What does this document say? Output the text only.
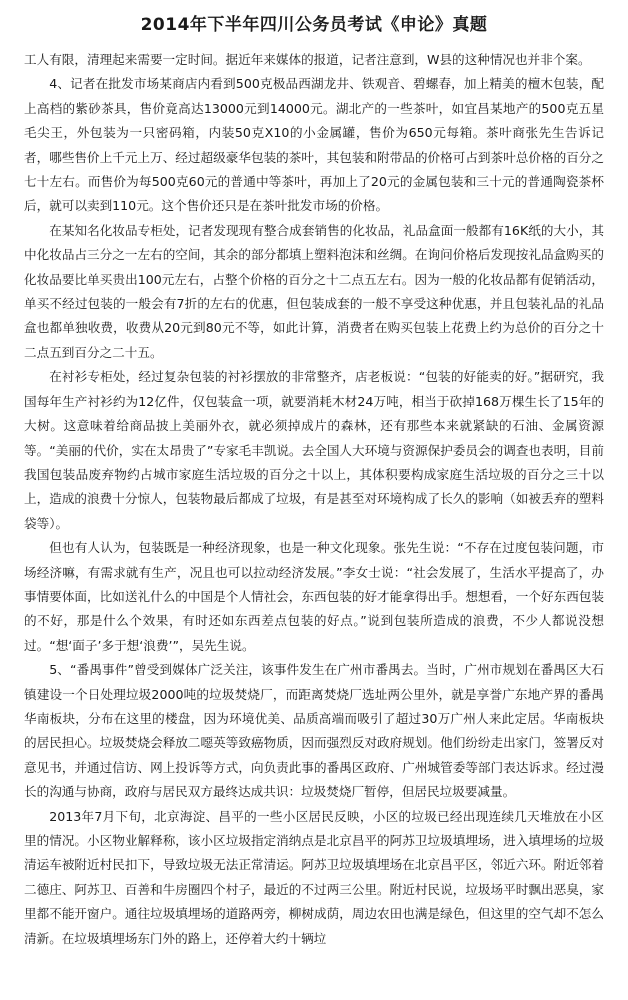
2014年下半年四川公务员考试《申论》真题

工人有限，清理起来需要一定时间。据近年来媒体的报道，记者注意到，W县的这种情况也并非个案。

4、记者在批发市场某商店内看到500克极品西湖龙井、铁观音、碧螺春，加上精美的檀木包装，配上高档的紫砂茶具，售价竟高达13000元到14000元。湖北产的一些茶叶，如宜昌某地产的500克五星毛尖王，外包装为一只密码箱，内装50克X10的小金属罐，售价为650元每箱。茶叶商张先生告诉记者，哪些售价上千元上万、经过超级豪华包装的茶叶，其包装和附带品的价格可占到茶叶总价格的百分之七十左右。而售价为每500克60元的普通中等茶叶，再加上了20元的金属包装和三十元的普通陶瓷茶杯后，就可以卖到110元。这个售价还只是在茶叶批发市场的价格。

在某知名化妆品专柜处，记者发现现有整合成套销售的化妆品，礼品盒面一般都有16K纸的大小，其中化妆品占三分之一左右的空间，其余的部分都填上塑料泡沫和丝绸。在询问价格后发现按礼品盒购买的化妆品要比单买贵出100元左右，占整个价格的百分之十二点五左右。因为一般的化妆品都有促销活动，单买不经过包装的一般会有7折的左右的优惠，但包装成套的一般不享受这种优惠，并且包装礼品的礼品盒也都单独收费，收费从20元到80元不等，如此计算，消费者在购买包装上花费上约为总价的百分之十二点五到百分之二十五。

在衬衫专柜处，经过复杂包装的衬衫摆放的非常整齐，店老板说：“包装的好能卖的好。”据研究，我国每年生产衬衫约为12亿件，仅包装盒一项，就要消耗木材24万吨，相当于砍掉168万棵生长了15年的大树。这意味着给商品披上美丽外衣，就必须掉成片的森林，还有那些本来就紧缺的石油、金属资源等。“美丽的代价，实在太昂贵了”专家毛丰凯说。去全国人大环境与资源保护委员会的调查也表明，目前我国包装品废弃物约占城市家庭生活垃圾的百分之十以上，其体积要构成家庭生活垃圾的百分之三十以上，造成的浪费十分惊人，包装物最后都成了垃圾，有是甚至对环境构成了长久的影响（如被丢弃的塑料袋等）。

但也有人认为，包装既是一种经济现象，也是一种文化现象。张先生说：“不存在过度包装问题，市场经济嘛，有需求就有生产，况且也可以拉动经济发展。”李女士说：“社会发展了，生活水平提高了，办事情要体面，比如送礼什么的中国是个人情社会，东西包装的好才能拿得出手。想想看，一个好东西包装的不好，那是什么个效果，有时还如东西差点包装的好点。”说到包装所造成的浪费，不少人都说没想过。“想‘面子’多于想‘浪费’”，吴先生说。

5、“番禺事件”曾受到媒体广泛关注，该事件发生在广州市番禺去。当时，广州市规划在番禺区大石镇建设一个日处理垃圾2000吨的垃圾焚烧厂，而距离焚烧厂选址两公里外，就是享誉广东地产界的番禺华南板块，分布在这里的楼盘，因为环境优美、品质高端而吸引了超过30万广州人来此定居。华南板块的居民担心。垃圾焚烧会释放二噁英等致癌物质，因而强烈反对政府规划。他们纷纷走出家门，签署反对意见书，并通过信访、网上投诉等方式，向负责此事的番禺区政府、广州城管委等部门表达诉求。经过漫长的沟通与协商，政府与居民双方最终达成共识：垃圾焚烧厂暂停，但居民垃圾要减量。

2013年7月下旬，北京海淀、昌平的一些小区居民反映，小区的垃圾已经出现连续几天堆放在小区里的情况。小区物业解释称，该小区垃圾指定消纳点是北京昌平的阿苏卫垃圾填埋场，进入填埋场的垃圾清运车被附近村民扣下，导致垃圾无法正常清运。阿苏卫垃圾填埋场在北京昌平区，邻近六环。附近邻着二德庄、阿苏卫、百善和牛房圈四个村子，最近的不过两三公里。附近村民说，垃圾场平时飘出恶臭，家里都不能开窗户。通往垃圾填埋场的道路两旁，柳树成荫，周边农田也满是绿色，但这里的空气却不怎么清新。在垃圾填埋场东门外的路上，还停着大约十辆垃
